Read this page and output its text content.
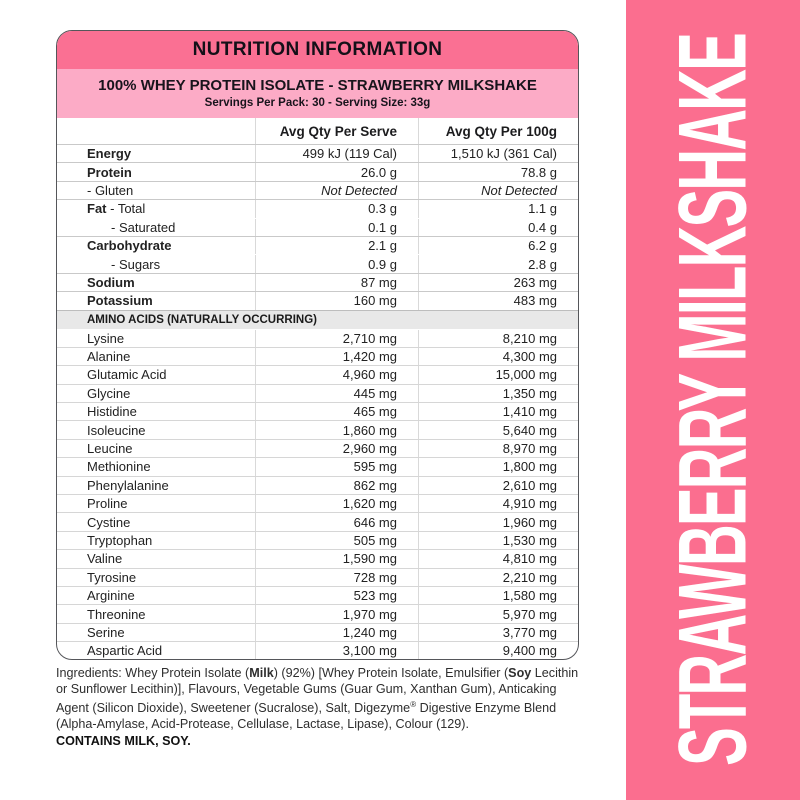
NUTRITION INFORMATION
100% WHEY PROTEIN ISOLATE - STRAWBERRY MILKSHAKE
Servings Per Pack: 30 - Serving Size: 33g
Avg Qty Per Serve	Avg Qty Per 100g
Energy	499 kJ (119 Cal)	1,510 kJ (361 Cal)
Protein	26.0 g	78.8 g
- Gluten	Not Detected	Not Detected
Fat - Total	0.3 g	1.1 g
- Saturated	0.1 g	0.4 g
Carbohydrate	2.1 g	6.2 g
- Sugars	0.9 g	2.8 g
Sodium	87 mg	263 mg
Potassium	160 mg	483 mg
AMINO ACIDS (NATURALLY OCCURRING)
Lysine	2,710 mg	8,210 mg
Alanine	1,420 mg	4,300 mg
Glutamic Acid	4,960 mg	15,000 mg
Glycine	445 mg	1,350 mg
Histidine	465 mg	1,410 mg
Isoleucine	1,860 mg	5,640 mg
Leucine	2,960 mg	8,970 mg
Methionine	595 mg	1,800 mg
Phenylalanine	862 mg	2,610 mg
Proline	1,620 mg	4,910 mg
Cystine	646 mg	1,960 mg
Tryptophan	505 mg	1,530 mg
Valine	1,590 mg	4,810 mg
Tyrosine	728 mg	2,210 mg
Arginine	523 mg	1,580 mg
Threonine	1,970 mg	5,970 mg
Serine	1,240 mg	3,770 mg
Aspartic Acid	3,100 mg	9,400 mg
Ingredients: Whey Protein Isolate (Milk) (92%) [Whey Protein Isolate, Emulsifier (Soy Lecithin or Sunflower Lecithin)], Flavours, Vegetable Gums (Guar Gum, Xanthan Gum), Anticaking Agent (Silicon Dioxide), Sweetener (Sucralose), Salt, Digezyme® Digestive Enzyme Blend (Alpha-Amylase, Acid-Protease, Cellulase, Lactase, Lipase), Colour (129).
CONTAINS MILK, SOY.	STRAWBERRY MILKSHAKE
